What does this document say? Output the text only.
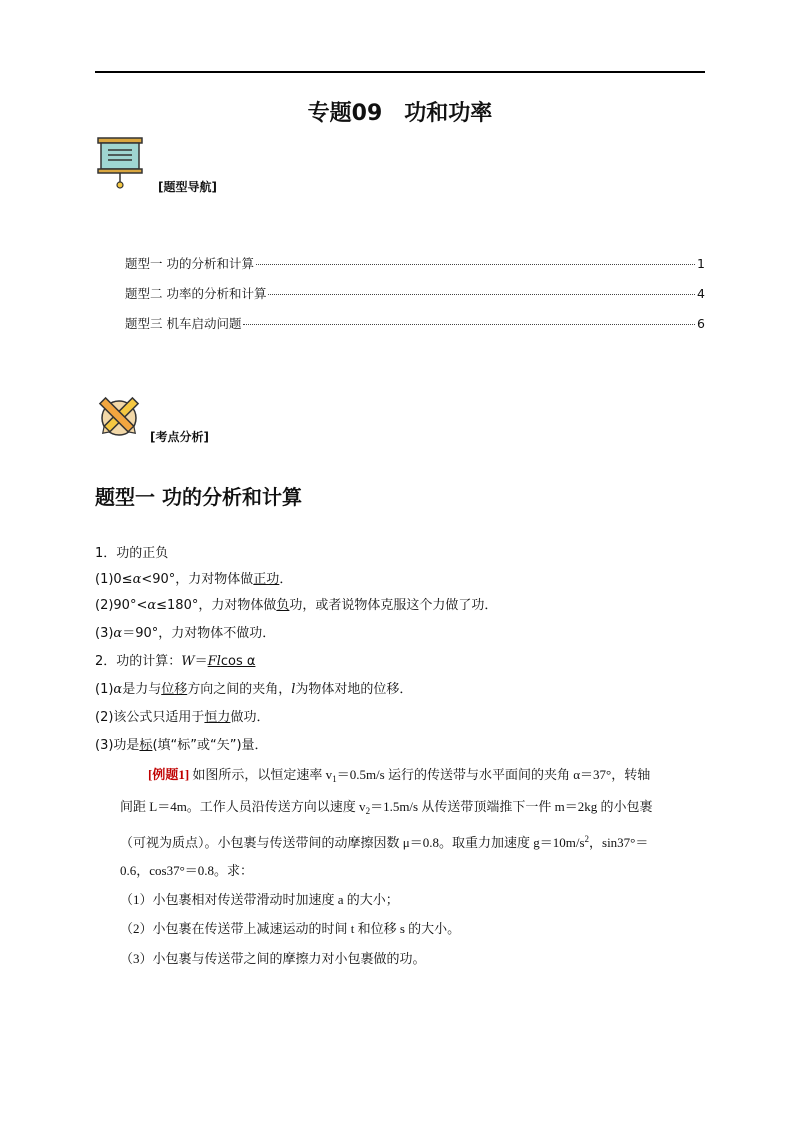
专题09 功和功率
[题型导航]
题型一 功的分析和计算	1
题型二 功率的分析和计算	4
题型三 机车启动问题	6
[考点分析]
题型一 功的分析和计算
1．功的正负
(1)0≤α<90°，力对物体做正功．
(2)90°<α≤180°，力对物体做负功，或者说物体克服这个力做了功．
(3)α＝90°，力对物体不做功．
2．功的计算：W＝Flcos α
(1)α是力与位移方向之间的夹角，l为物体对地的位移．
(2)该公式只适用于恒力做功．
(3)功是标(填“标”或“矢”)量．
[例题1] 如图所示，以恒定速率 $v_1=0.5m/s$ 运行的传送带与水平面间的夹角 α＝37°，转轴
间距 L＝4m。工作人员沿传送方向以速度 $v_2=1.5m/s$ 从传送带顶端推下一件 m＝2kg 的小包裹
（可视为质点）。小包裹与传送带间的动摩擦因数 μ＝0.8。取重力加速度 $g=10m/s^2$，sin37°＝
0.6，cos37°＝0.8。求：
（1）小包裹相对传送带滑动时加速度 a 的大小；
（2）小包裹在传送带上减速运动的时间 t 和位移 s 的大小。
（3）小包裹与传送带之间的摩擦力对小包裹做的功。
